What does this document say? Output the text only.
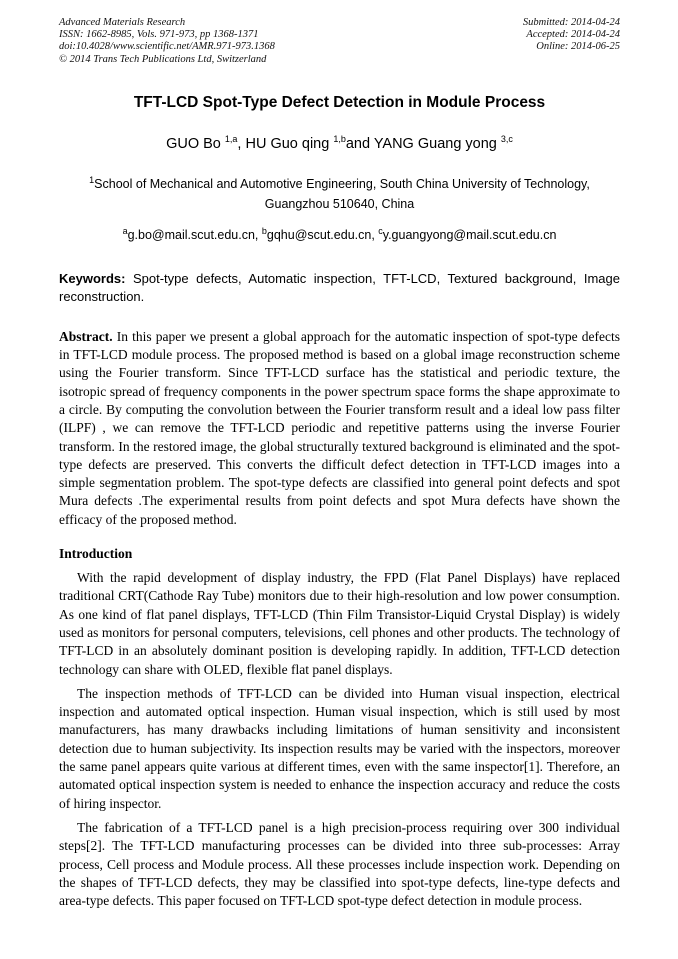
Advanced Materials Research
ISSN: 1662-8985, Vols. 971-973, pp 1368-1371
doi:10.4028/www.scientific.net/AMR.971-973.1368
© 2014 Trans Tech Publications Ltd, Switzerland
Submitted: 2014-04-24
Accepted: 2014-04-24
Online: 2014-06-25
TFT-LCD Spot-Type Defect Detection in Module Process
GUO Bo $^{1,a}$, HU Guo qing $^{1,b}$and YANG Guang yong $^{3,c}$
$^1$School of Mechanical and Automotive Engineering, South China University of Technology,
Guangzhou 510640, China
$^a$g.bo@mail.scut.edu.cn, $^b$gqhu@scut.edu.cn, $^c$y.guangyong@mail.scut.edu.cn

Keywords: Spot-type defects, Automatic inspection, TFT-LCD, Textured background, Image reconstruction.

Abstract. In this paper we present a global approach for the automatic inspection of spot-type defects in TFT-LCD module process. The proposed method is based on a global image reconstruction scheme using the Fourier transform. Since TFT-LCD surface has the statistical and periodic texture, the isotropic spread of frequency components in the power spectrum space forms the shape approximate to a circle. By computing the convolution between the Fourier transform result and a ideal low pass filter (ILPF) , we can remove the TFT-LCD periodic and repetitive patterns using the inverse Fourier transform. In the restored image, the global structurally textured background is eliminated and the spot-type defects are preserved. This converts the difficult defect detection in TFT-LCD images into a simple segmentation problem. The spot-type defects are classified into general point defects and spot Mura defects .The experimental results from point defects and spot Mura defects have shown the efficacy of the proposed method.

Introduction

With the rapid development of display industry, the FPD (Flat Panel Displays) have replaced traditional CRT(Cathode Ray Tube) monitors due to their high-resolution and low power consumption. As one kind of flat panel displays, TFT-LCD (Thin Film Transistor-Liquid Crystal Display) is widely used as monitors for personal computers, televisions, cell phones and other products. The technology of TFT-LCD in an absolutely dominant position is developing rapidly. In addition, TFT-LCD detection technology can share with OLED, flexible flat panel displays.

The inspection methods of TFT-LCD can be divided into Human visual inspection, electrical inspection and automated optical inspection. Human visual inspection, which is still used by most manufacturers, has many drawbacks including limitations of human sensitivity and inconsistent detection due to human subjectivity. Its inspection results may be varied with the inspectors, moreover the same panel appears quite various at different times, even with the same inspector[1]. Therefore, an automated optical inspection system is needed to enhance the inspection accuracy and reduce the costs of hiring inspector.

The fabrication of a TFT-LCD panel is a high precision-process requiring over 300 individual steps[2]. The TFT-LCD manufacturing processes can be divided into three sub-processes: Array process, Cell process and Module process. All these processes include inspection work. Depending on the shapes of TFT-LCD defects, they may be classified into spot-type defects, line-type defects and area-type defects. This paper focused on TFT-LCD spot-type defect detection in module process.
